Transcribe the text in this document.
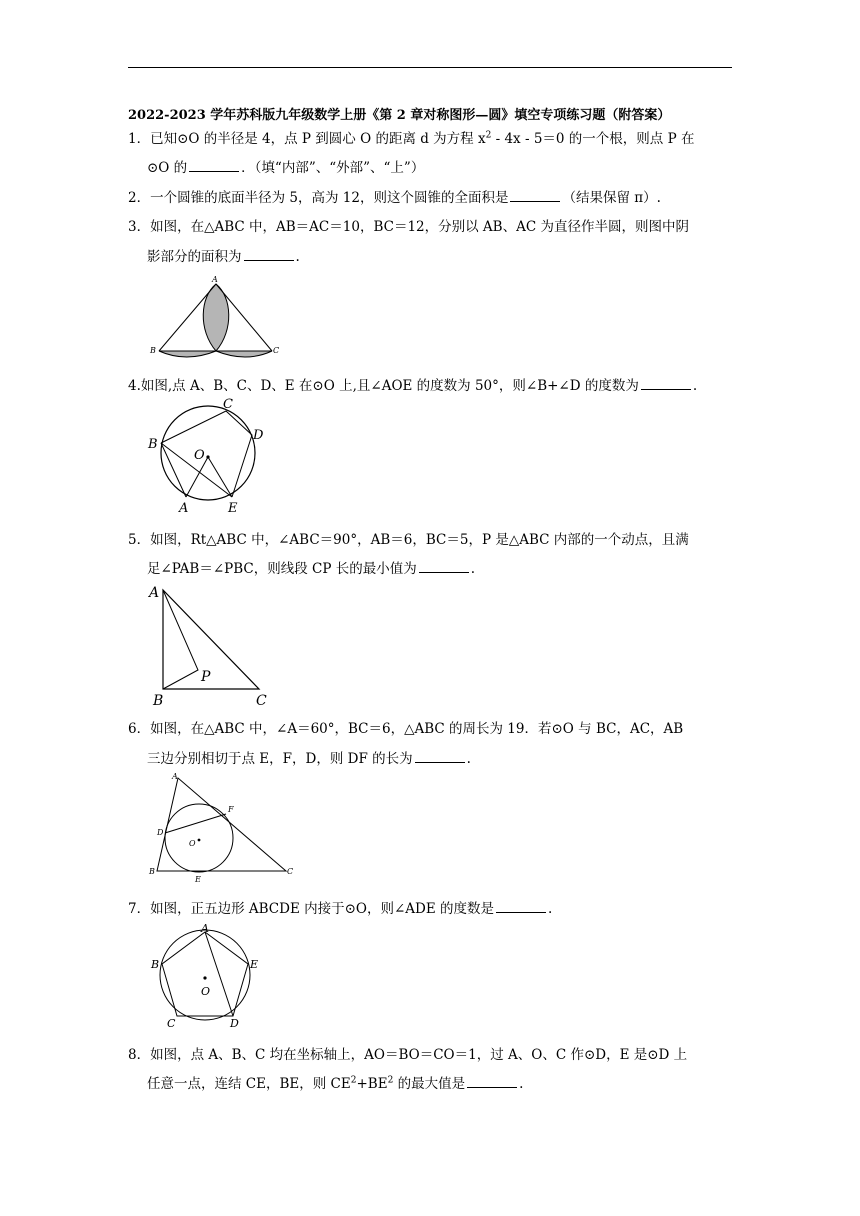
2022-2023 学年苏科版九年级数学上册《第 2 章对称图形—圆》填空专项练习题（附答案）
1．已知⊙O 的半径是 4，点 P 到圆心 O 的距离 d 为方程 $x^2 - 4x - 5=0$ 的一个根，则点 P 在
⊙O 的	．（填“内部”、“外部”、“上”）
2．一个圆锥的底面半径为 5，高为 12，则这个圆锥的全面积是	（结果保留 π）.
3．如图，在△ABC 中，AB＝AC＝10，BC＝12，分别以 AB、AC 为直径作半圆，则图中阴
影部分的面积为	.
A
B	C
4.如图,点 A、B、C、D、E 在⊙O 上,且∠AOE 的度数为 50°，则∠B+∠D 的度数为	.
C
B
D
O
A	E
5．如图，Rt△ABC 中，∠ABC＝90°，AB＝6，BC＝5，P 是△ABC 内部的一个动点，且满
足∠PAB＝∠PBC，则线段 CP 长的最小值为	.
A
B	C
P
6．如图，在△ABC 中，∠A＝60°，BC＝6，△ABC 的周长为 19．若⊙O 与 BC，AC，AB
三边分别相切于点 E，F，D，则 DF 的长为	.
A
D
F
O
B	C
E
7．如图，正五边形 ABCDE 内接于⊙O，则∠ADE 的度数是	.
A
B	E
O
C	D
8．如图，点 A、B、C 均在坐标轴上，AO＝BO＝CO＝1，过 A、O、C 作⊙D，E 是⊙D 上
任意一点，连结 CE，BE，则 $CE^2+BE^2$ 的最大值是	.
